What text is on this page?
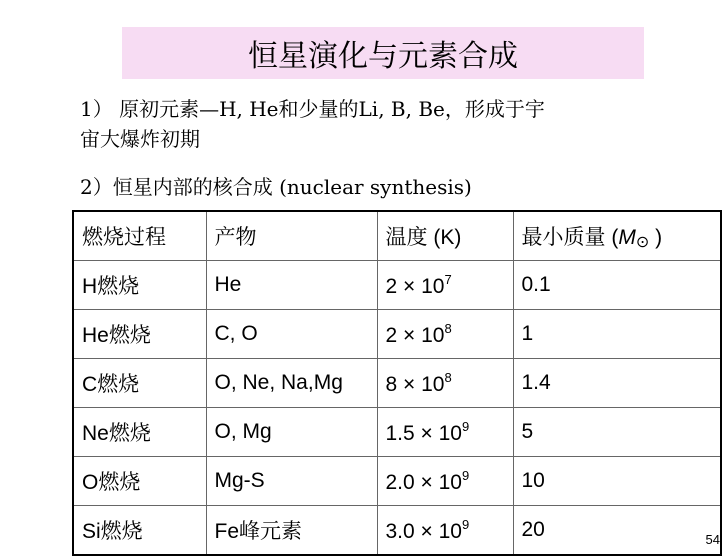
恒星演化与元素合成
1） 原初元素—H, He和少量的Li, B, Be，形成于宇
宙大爆炸初期
2）恒星内部的核合成 (nuclear synthesis)
燃烧过程	产物	温度 (K)	最小质量 (M⊙ )
H燃烧	He	$2 \times 10^7$	0.1
He燃烧	C, O	$2 \times 10^8$	1
C燃烧	O, Ne, Na,Mg	$8 \times 10^8$	1.4
Ne燃烧	O, Mg	$1.5 \times 10^9$	5
O燃烧	Mg-S	$2.0 \times 10^9$	10
Si燃烧	Fe峰元素	$3.0 \times 10^9$	20	54
